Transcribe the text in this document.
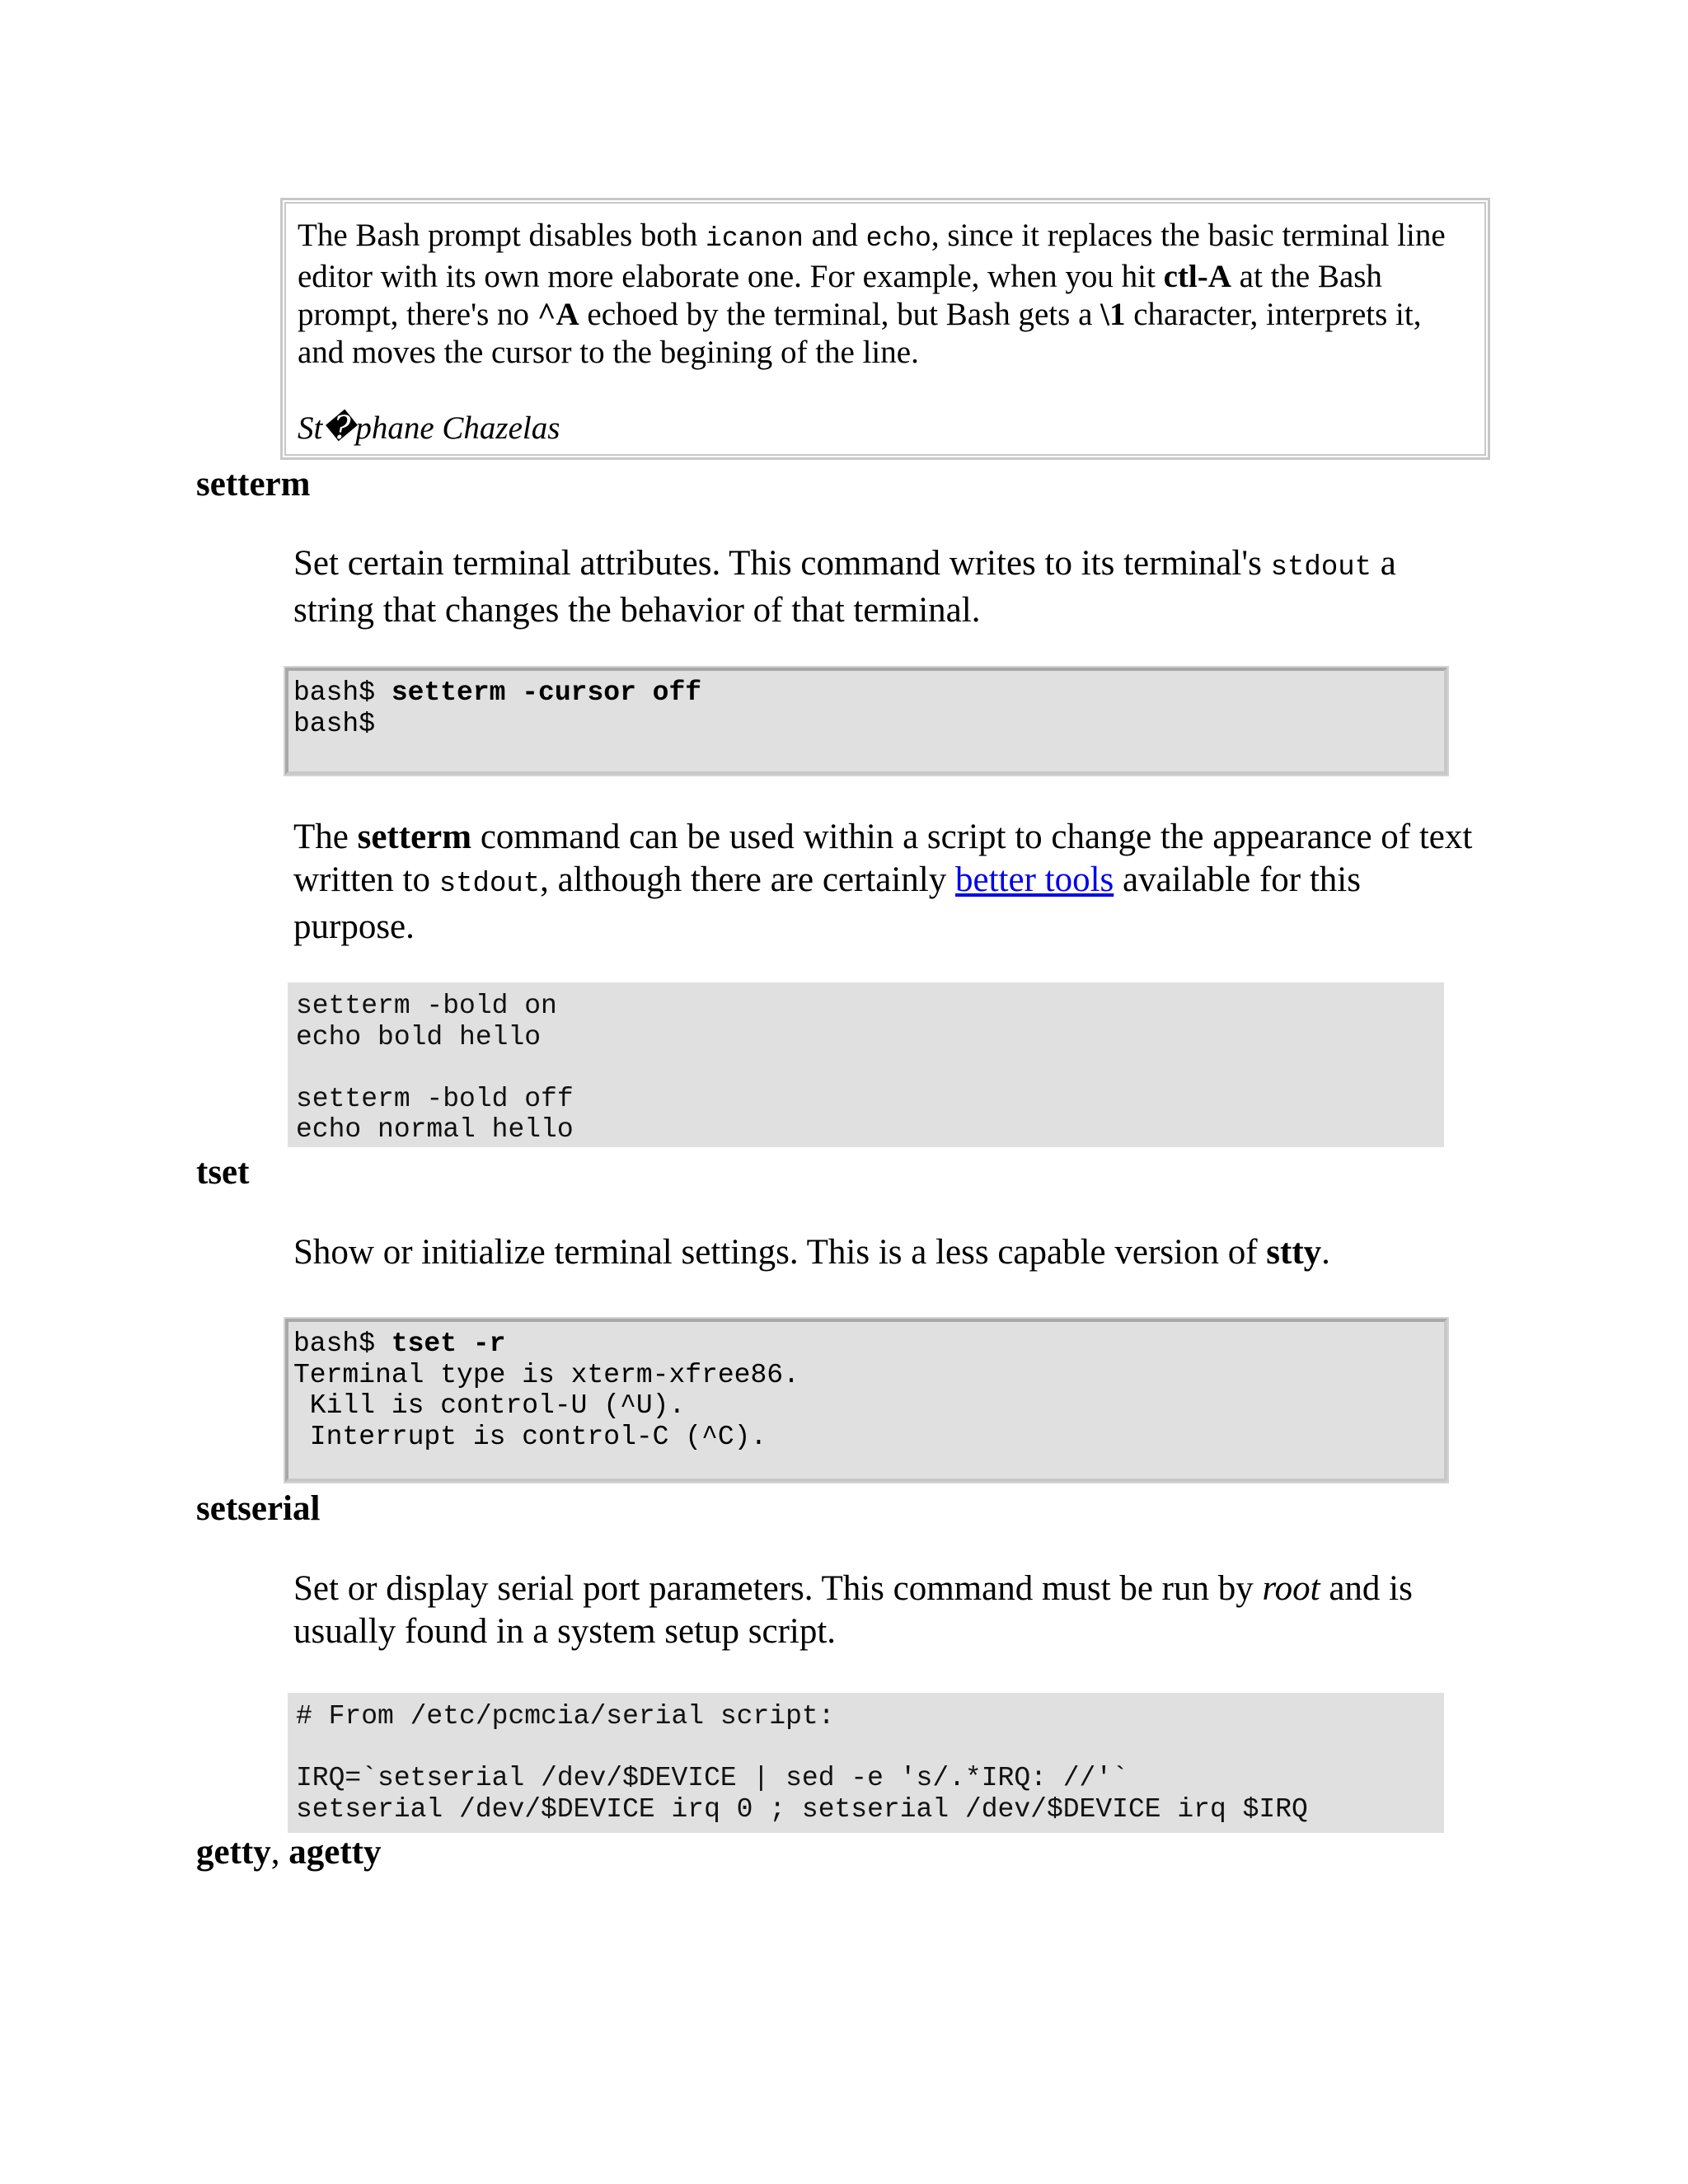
The Bash prompt disables both icanon and echo, since it replaces the basic terminal line editor with its own more elaborate one. For example, when you hit ctl-A at the Bash prompt, there's no ^A echoed by the terminal, but Bash gets a \1 character, interprets it, and moves the cursor to the begining of the line.

St�phane Chazelas

setterm
Set certain terminal attributes. This command writes to its terminal's stdout a string that changes the behavior of that terminal.
bash$ setterm -cursor off
bash$
The setterm command can be used within a script to change the appearance of text written to stdout, although there are certainly better tools available for this purpose.
setterm -bold on
echo bold hello
setterm -bold off
echo normal hello
tset
Show or initialize terminal settings. This is a less capable version of stty.
bash$ tset -r
Terminal type is xterm-xfree86.
Kill is control-U (^U).
Interrupt is control-C (^C).
setserial
Set or display serial port parameters. This command must be run by root and is usually found in a system setup script.
# From /etc/pcmcia/serial script:
IRQ=`setserial /dev/$DEVICE | sed -e 's/.*IRQ: //'`
setserial /dev/$DEVICE irq 0 ; setserial /dev/$DEVICE irq $IRQ
getty, agetty
